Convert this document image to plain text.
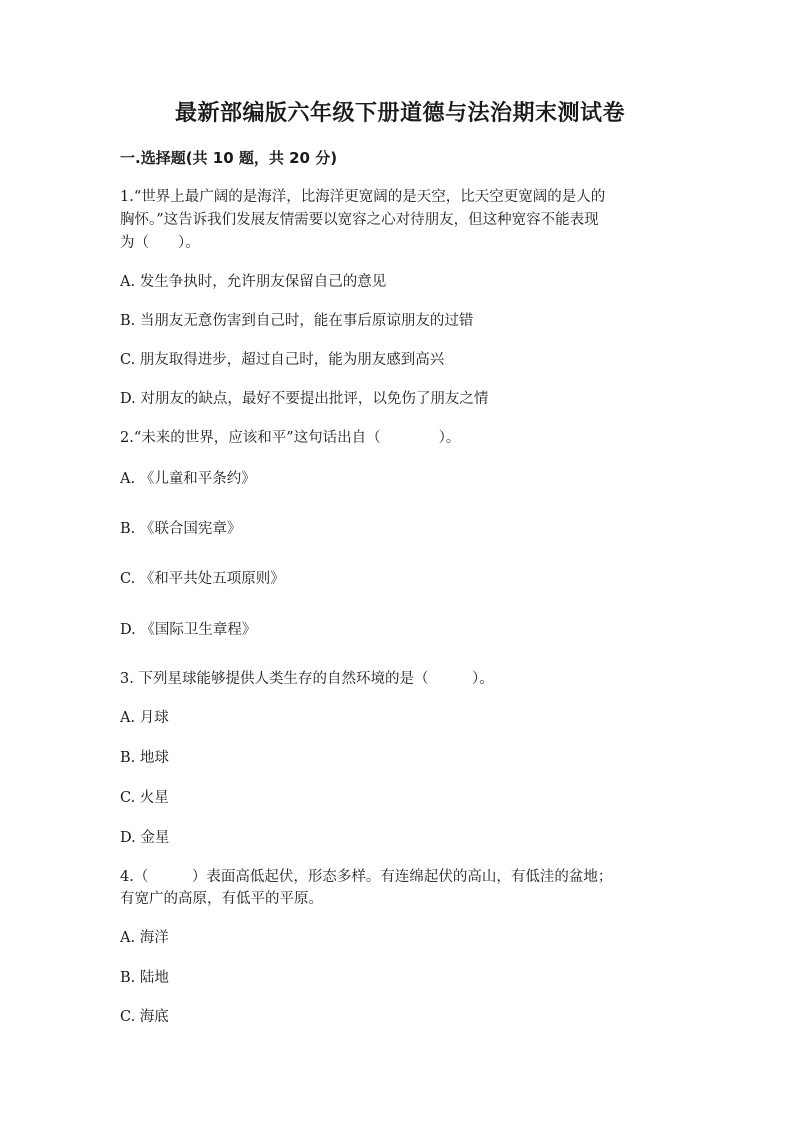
最新部编版六年级下册道德与法治期末测试卷
一.选择题(共 10 题，共 20 分)
1.“世界上最广阔的是海洋，比海洋更宽阔的是天空，比天空更宽阔的是人的
胸怀。”这告诉我们发展友情需要以宽容之心对待朋友，但这种宽容不能表现
为（　　）。
A. 发生争执时，允许朋友保留自己的意见
B. 当朋友无意伤害到自己时，能在事后原谅朋友的过错
C. 朋友取得进步，超过自己时，能为朋友感到高兴
D. 对朋友的缺点，最好不要提出批评，以免伤了朋友之情
2.“未来的世界，应该和平”这句话出自（　　　　）。
A. 《儿童和平条约》
B. 《联合国宪章》
C. 《和平共处五项原则》
D. 《国际卫生章程》
3. 下列星球能够提供人类生存的自然环境的是（　　　）。
A. 月球
B. 地球
C. 火星
D. 金星
4.（　　　）表面高低起伏，形态多样。有连绵起伏的高山，有低洼的盆地；
有宽广的高原，有低平的平原。
A. 海洋
B. 陆地
C. 海底
